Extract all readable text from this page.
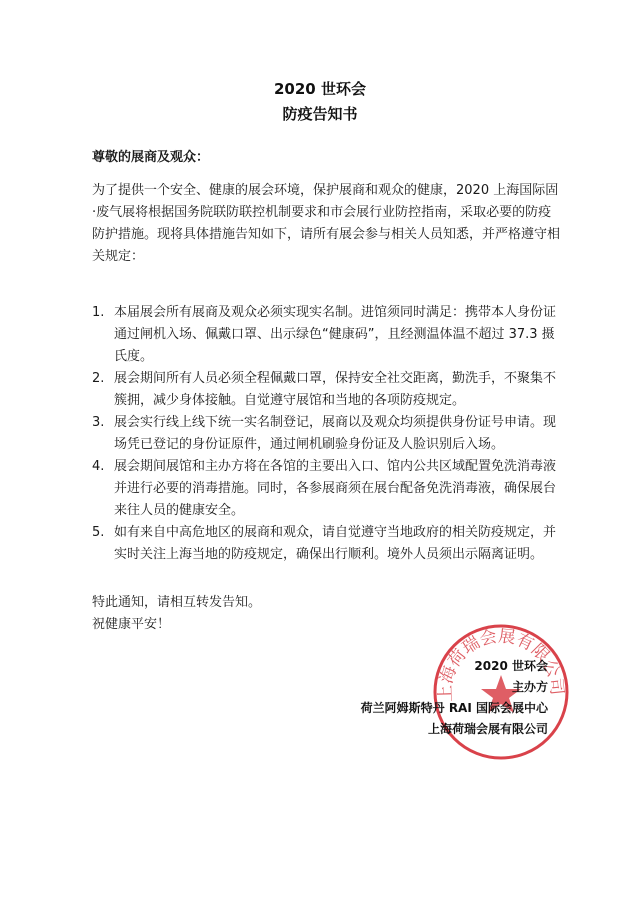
2020 世环会
防疫告知书
尊敬的展商及观众：
为了提供一个安全、健康的展会环境，保护展商和观众的健康，2020 上海国际固·废气展将根据国务院联防联控机制要求和市会展行业防控指南，采取必要的防疫防护措施。现将具体措施告知如下，请所有展会参与相关人员知悉，并严格遵守相关规定：
1. 本届展会所有展商及观众必须实现实名制。进馆须同时满足：携带本人身份证通过闸机入场、佩戴口罩、出示绿色“健康码”，且经测温体温不超过 37.3 摄氏度。
2. 展会期间所有人员必须全程佩戴口罩，保持安全社交距离，勤洗手，不聚集不簇拥，减少身体接触。自觉遵守展馆和当地的各项防疫规定。
3. 展会实行线上线下统一实名制登记，展商以及观众均须提供身份证号申请。现场凭已登记的身份证原件，通过闸机刷验身份证及人脸识别后入场。
4. 展会期间展馆和主办方将在各馆的主要出入口、馆内公共区域配置免洗消毒液并进行必要的消毒措施。同时，各参展商须在展台配备免洗消毒液，确保展台来往人员的健康安全。
5. 如有来自中高危地区的展商和观众，请自觉遵守当地政府的相关防疫规定，并实时关注上海当地的防疫规定，确保出行顺利。境外人员须出示隔离证明。
特此通知，请相互转发告知。
祝健康平安！
上海荷瑞会展有限公司
2020 世环会
主办方
荷兰阿姆斯特丹 RAI 国际会展中心
上海荷瑞会展有限公司
